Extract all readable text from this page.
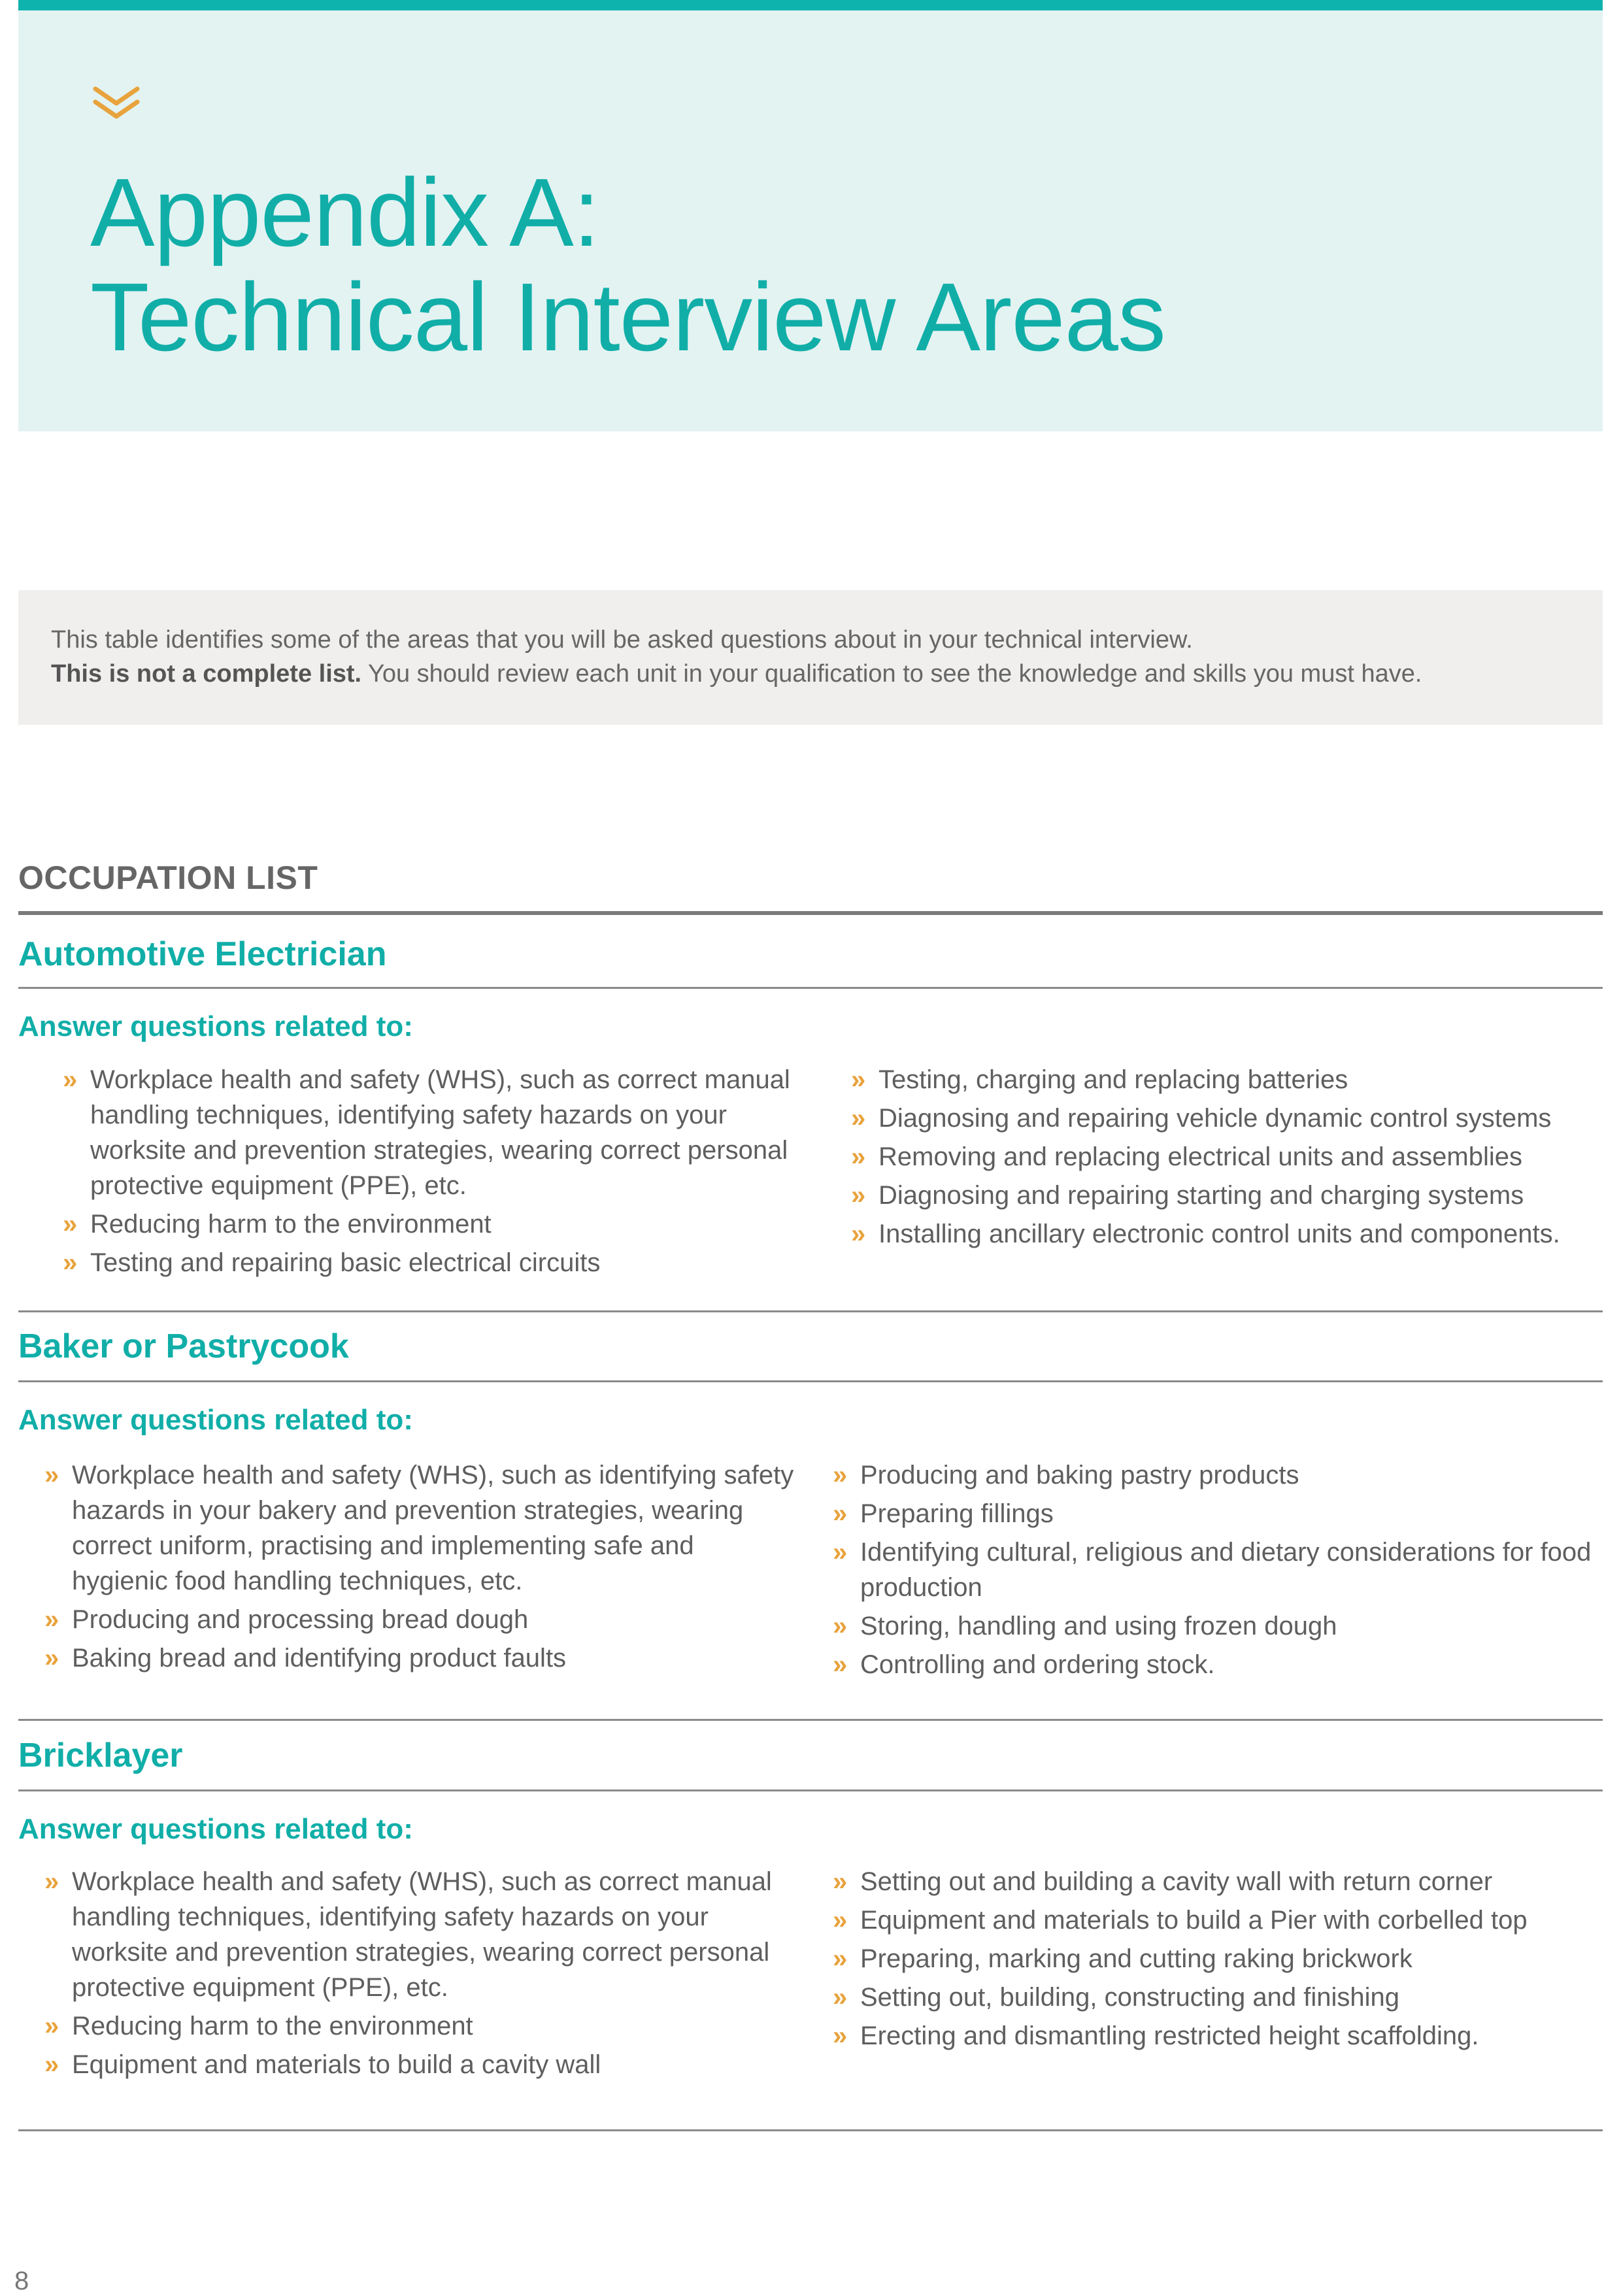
Appendix A:
Technical Interview Areas

This table identifies some of the areas that you will be asked questions about in your technical interview.

This is not a complete list. You should review each unit in your qualification to see the knowledge and skills you must have.

OCCUPATION LIST
Automotive Electrician
Answer questions related to:
» Workplace health and safety (WHS), such as correct manual handling techniques, identifying safety hazards on your worksite and prevention strategies, wearing correct personal protective equipment (PPE), etc.
» Reducing harm to the environment
» Testing and repairing basic electrical circuits
» Testing, charging and replacing batteries
» Diagnosing and repairing vehicle dynamic control systems
» Removing and replacing electrical units and assemblies
» Diagnosing and repairing starting and charging systems
» Installing ancillary electronic control units and components.
Baker or Pastrycook
Answer questions related to:
» Workplace health and safety (WHS), such as identifying safety hazards in your bakery and prevention strategies, wearing correct uniform, practising and implementing safe and hygienic food handling techniques, etc.
» Producing and processing bread dough
» Baking bread and identifying product faults
» Producing and baking pastry products
» Preparing fillings
» Identifying cultural, religious and dietary considerations for food production
» Storing, handling and using frozen dough
» Controlling and ordering stock.
Bricklayer
Answer questions related to:
» Workplace health and safety (WHS), such as correct manual handling techniques, identifying safety hazards on your worksite and prevention strategies, wearing correct personal protective equipment (PPE), etc.
» Reducing harm to the environment
» Equipment and materials to build a cavity wall
» Setting out and building a cavity wall with return corner
» Equipment and materials to build a Pier with corbelled top
» Preparing, marking and cutting raking brickwork
» Setting out, building, constructing and finishing
» Erecting and dismantling restricted height scaffolding.
8
